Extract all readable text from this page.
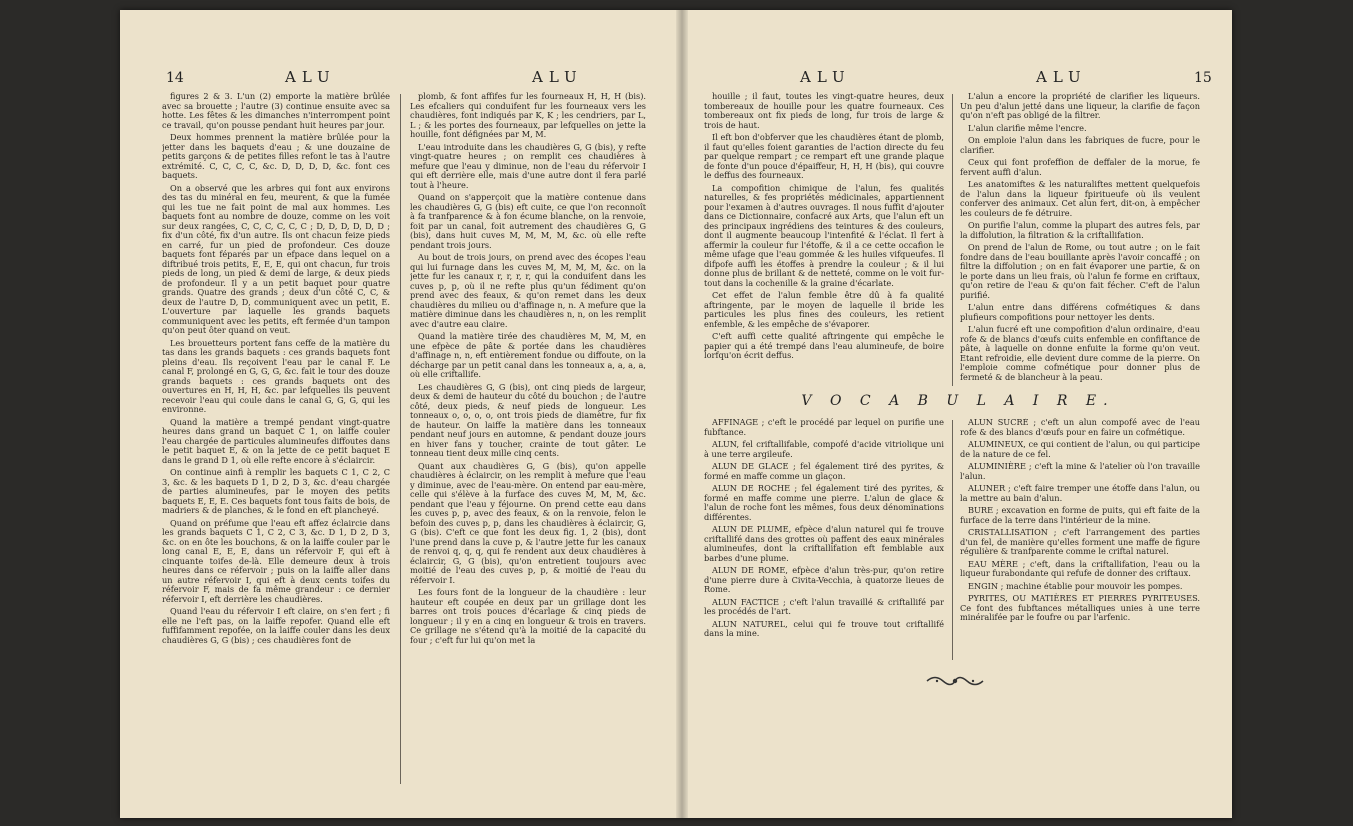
14	ALU	ALU

figures 2 & 3. L'un (2) emporte la matière brûlée avec sa brouette ; l'autre (3) continue ensuite avec sa hotte. Les fêtes & les dimanches n'interrompent point ce travail, qu'on pousse pendant huit heures par jour.

Deux hommes prennent la matière brûlée pour la jetter dans les baquets d'eau ; & une douzaine de petits garçons & de petites filles refont le tas à l'autre extrémité. C, C, C, C, &c. D, D, D, D, &c. font ces baquets.

On a observé que les arbres qui font aux environs des tas du minéral en feu, meurent, & que la fumée qui les tue ne fait point de mal aux hommes. Les baquets font au nombre de douze, comme on les voit sur deux rangées, C, C, C, C, C, C ; D, D, D, D, D, D ; fix d'un côté, fix d'un autre. Ils ont chacun feize pieds en carré, fur un pied de profondeur. Ces douze baquets font féparés par un efpace dans lequel on a diftribué trois petits, E, E, E, qui ont chacun, fur trois pieds de long, un pied & demi de large, & deux pieds de profondeur. Il y a un petit baquet pour quatre grands. Quatre des grands ; deux d'un côté C, C, & deux de l'autre D, D, communiquent avec un petit, E. L'ouverture par laquelle les grands baquets communiquent avec les petits, eft fermée d'un tampon qu'on peut ôter quand on veut.

Les brouetteurs portent fans ceffe de la matière du tas dans les grands baquets : ces grands baquets font pleins d'eau. Ils reçoivent l'eau par le canal F. Le canal F, prolongé en G, G, G, &c. fait le tour des douze grands baquets : ces grands baquets ont des ouvertures en H, H, H, &c. par lefquelles ils peuvent recevoir l'eau qui coule dans le canal G, G, G, qui les environne.

Quand la matière a trempé pendant vingt-quatre heures dans grand un baquet C 1, on laiffe couler l'eau chargée de particules alumineufes diffoutes dans le petit baquet E, & on la jette de ce petit baquet E dans le grand D 1, où elle refte encore à s'éclaircir.

On continue ainfi à remplir les baquets C 1, C 2, C 3, &c. & les baquets D 1, D 2, D 3, &c. d'eau chargée de parties alumineufes, par le moyen des petits baquets E, E, E. Ces baquets font tous faits de bois, de madriers & de planches, & le fond en eft plancheyé.

Quand on préfume que l'eau eft affez éclaircie dans les grands baquets C 1, C 2, C 3, &c. D 1, D 2, D 3, &c. on en ôte les bouchons, & on la laiffe couler par le long canal E, E, E, dans un réfervoir F, qui eft à cinquante toifes de-là. Elle demeure deux à trois heures dans ce réfervoir ; puis on la laiffe aller dans un autre réfervoir I, qui eft à deux cents toifes du réfervoir F, mais de fa même grandeur : ce dernier réfervoir I, eft derrière les chaudières.

Quand l'eau du réfervoir I eft claire, on s'en fert ; fi elle ne l'eft pas, on la laiffe repofer. Quand elle eft fuffifamment repofée, on la laiffe couler dans les deux chaudières G, G (bis) ; ces chaudières font de

plomb, & font affifes fur les fourneaux H, H, H (bis). Les efcaliers qui conduifent fur les fourneaux vers les chaudières, font indiqués par K, K ; les cendriers, par L, L ; & les portes des fourneaux, par lefquelles on jette la houille, font défignées par M, M.

L'eau introduite dans les chaudières G, G (bis), y refte vingt-quatre heures ; on remplit ces chaudières à mefure que l'eau y diminue, non de l'eau du réfervoir I qui eft derrière elle, mais d'une autre dont il fera parlé tout à l'heure.

Quand on s'apperçoit que la matière contenue dans les chaudières G, G (bis) eft cuite, ce que l'on reconnoît à fa tranfparence & à fon écume blanche, on la renvoie, foit par un canal, foit autrement des chaudières G, G (bis), dans huit cuves M, M, M, M, &c. où elle refte pendant trois jours.

Au bout de trois jours, on prend avec des écopes l'eau qui lui furnage dans les cuves M, M, M, M, &c. on la jette fur les canaux r, r, r, r, qui la conduifent dans les cuves p, p, où il ne refte plus qu'un fédiment qu'on prend avec des feaux, & qu'on remet dans les deux chaudières du milieu ou d'affinage n, n. A mefure que la matière diminue dans les chaudières n, n, on les remplit avec d'autre eau claire.

Quand la matière tirée des chaudières M, M, M, en une efpèce de pâte & portée dans les chaudières d'affinage n, n, eft entièrement fondue ou diffoute, on la décharge par un petit canal dans les tonneaux a, a, a, a, où elle criftallife.

Les chaudières G, G (bis), ont cinq pieds de largeur, deux & demi de hauteur du côté du bouchon ; de l'autre côté, deux pieds, & neuf pieds de longueur. Les tonneaux o, o, o, o, ont trois pieds de diamètre, fur fix de hauteur. On laiffe la matière dans les tonneaux pendant neuf jours en automne, & pendant douze jours en hiver fans y toucher, crainte de tout gâter. Le tonneau tient deux mille cinq cents.

Quant aux chaudières G, G (bis), qu'on appelle chaudières à éclaircir, on les remplit à mefure que l'eau y diminue, avec de l'eau-mère. On entend par eau-mère, celle qui s'élève à la furface des cuves M, M, M, &c. pendant que l'eau y féjourne. On prend cette eau dans les cuves p, p, avec des feaux, & on la renvoie, felon le befoin des cuves p, p, dans les chaudières à éclaircir, G, G (bis). C'eft ce que font les deux fig. 1, 2 (bis), dont l'une prend dans la cuve p, & l'autre jette fur les canaux de renvoi q, q, q, qui fe rendent aux deux chaudières à éclaircir, G, G (bis), qu'on entretient toujours avec moitié de l'eau des cuves p, p, & moitié de l'eau du réfervoir I.

Les fours font de la longueur de la chaudière : leur hauteur eft coupée en deux par un grillage dont les barres ont trois pouces d'écarlage & cinq pieds de longueur ; il y en a cinq en longueur & trois en travers. Ce grillage ne s'étend qu'à la moitié de la capacité du four ; c'eft fur lui qu'on met la

ALU	ALU	15

houille ; il faut, toutes les vingt-quatre heures, deux tombereaux de houille pour les quatre fourneaux. Ces tombereaux ont fix pieds de long, fur trois de large & trois de haut.

Il eft bon d'obferver que les chaudières étant de plomb, il faut qu'elles foient garanties de l'action directe du feu par quelque rempart ; ce rempart eft une grande plaque de fonte d'un pouce d'épaiffeur, H, H, H (bis), qui couvre le deffus des fourneaux.

La compofition chimique de l'alun, fes qualités naturelles, & fes propriétés médicinales, appartiennent pour l'examen à d'autres ouvrages. Il nous fuffit d'ajouter dans ce Dictionnaire, confacré aux Arts, que l'alun eft un des principaux ingrédiens des teintures & des couleurs, dont il augmente beaucoup l'intenfité & l'éclat. Il fert à affermir la couleur fur l'étoffe, & il a ce cette occafion le même ufage que l'eau gommée & les huiles vifqueufes. Il difpofe auffi les étoffes à prendre la couleur ; & il lui donne plus de brillant & de netteté, comme on le voit fur-tout dans la cochenille & la graine d'écarlate.

Cet effet de l'alun femble être dû à fa qualité aftringente, par le moyen de laquelle il bride les particules les plus fines des couleurs, les retient enfemble, & les empêche de s'évaporer.

C'eft auffi cette qualité aftringente qui empêche le papier qui a été trempé dans l'eau alumineufe, de boire lorfqu'on écrit deffus.

L'alun a encore la propriété de clarifier les liqueurs. Un peu d'alun jetté dans une liqueur, la clarifie de façon qu'on n'eft pas obligé de la filtrer.

L'alun clarifie même l'encre.

On emploie l'alun dans les fabriques de fucre, pour le clarifier.

Ceux qui font profeffion de deffaler de la morue, fe fervent auffi d'alun.

Les anatomiftes & les naturaliftes mettent quelquefois de l'alun dans la liqueur fpiritueufe où ils veulent conferver des animaux. Cet alun fert, dit-on, à empêcher les couleurs de fe détruire.

On purifie l'alun, comme la plupart des autres fels, par la diffolution, la filtration & la criftallifation.

On prend de l'alun de Rome, ou tout autre ; on le fait fondre dans de l'eau bouillante après l'avoir concaffé ; on filtre la diffolution ; on en fait évaporer une partie, & on le porte dans un lieu frais, où l'alun fe forme en criftaux, qu'on retire de l'eau & qu'on fait fécher. C'eft de l'alun purifié.

L'alun entre dans différens cofmétiques & dans plufieurs compofitions pour nettoyer les dents.

L'alun fucré eft une compofition d'alun ordinaire, d'eau rofe & de blancs d'œufs cuits enfemble en confiftance de pâte, à laquelle on donne enfuite la forme qu'on veut. Etant refroidie, elle devient dure comme de la pierre. On l'emploie comme cofmétique pour donner plus de fermeté & de blancheur à la peau.

V O C A B U L A I R E.

AFFINAGE ; c'eft le procédé par lequel on purifie une fubftance.

ALUN, fel criftallifable, compofé d'acide vitriolique uni à une terre argileufe.

ALUN DE GLACE ; fel également tiré des pyrites, & formé en maffe comme un glaçon.

ALUN DE ROCHE ; fel également tiré des pyrites, & formé en maffe comme une pierre. L'alun de glace & l'alun de roche font les mêmes, fous deux dénominations différentes.

ALUN DE PLUME, efpèce d'alun naturel qui fe trouve criftallifé dans des grottes où paffent des eaux minérales alumineufes, dont la criftallifation eft femblable aux barbes d'une plume.

ALUN DE ROME, efpèce d'alun très-pur, qu'on retire d'une pierre dure à Civita-Vecchia, à quatorze lieues de Rome.

ALUN FACTICE ; c'eft l'alun travaillé & criftallifé par les procédés de l'art.

ALUN NATUREL, celui qui fe trouve tout criftallifé dans la mine.

ALUN SUCRÉ ; c'eft un alun compofé avec de l'eau rofe & des blancs d'œufs pour en faire un cofmétique.

ALUMINEUX, ce qui contient de l'alun, ou qui participe de la nature de ce fel.

ALUMINIÈRE ; c'eft la mine & l'atelier où l'on travaille l'alun.

ALUNER ; c'eft faire tremper une étoffe dans l'alun, ou la mettre au bain d'alun.

BURE ; excavation en forme de puits, qui eft faite de la furface de la terre dans l'intérieur de la mine.

CRISTALLISATION ; c'eft l'arrangement des parties d'un fel, de manière qu'elles forment une maffe de figure régulière & tranfparente comme le criftal naturel.

EAU MÈRE ; c'eft, dans la criftallifation, l'eau ou la liqueur furabondante qui refufe de donner des criftaux.

ENGIN ; machine établie pour mouvoir les pompes.

PYRITES, OU MATIÈRES ET PIERRES PYRITEUSES. Ce font des fubftances métalliques unies à une terre minéralifée par le foufre ou par l'arfenic.
